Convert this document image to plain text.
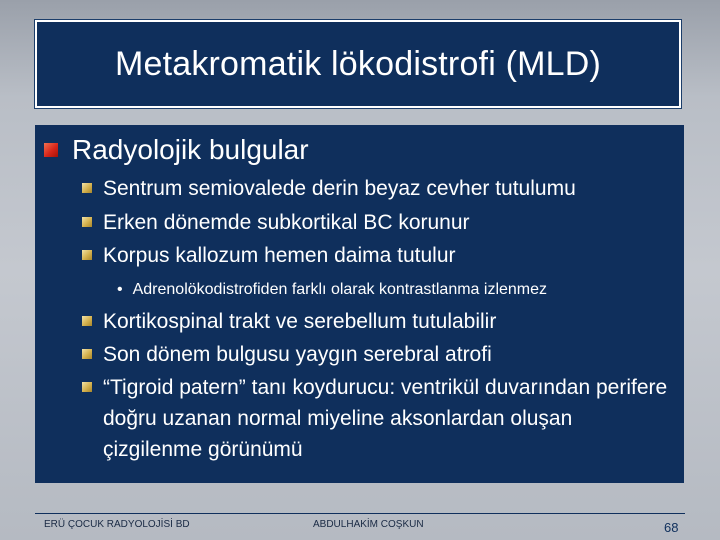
Metakromatik lökodistrofi (MLD)
Radyolojik bulgular
Sentrum semiovalede derin beyaz cevher tutulumu
Erken dönemde subkortikal BC korunur
Korpus kallozum hemen daima tutulur
• Adrenolökodistrofiden farklı olarak kontrastlanma izlenmez
Kortikospinal trakt ve serebellum tutulabilir
Son dönem bulgusu yaygın serebral atrofi
“Tigroid patern” tanı koydurucu: ventrikül duvarından perifere doğru uzanan normal miyeline aksonlardan oluşan çizgilenme görünümü
ERÜ ÇOCUK RADYOLOJİSİ BD	ABDULHAKİM COŞKUN	68
